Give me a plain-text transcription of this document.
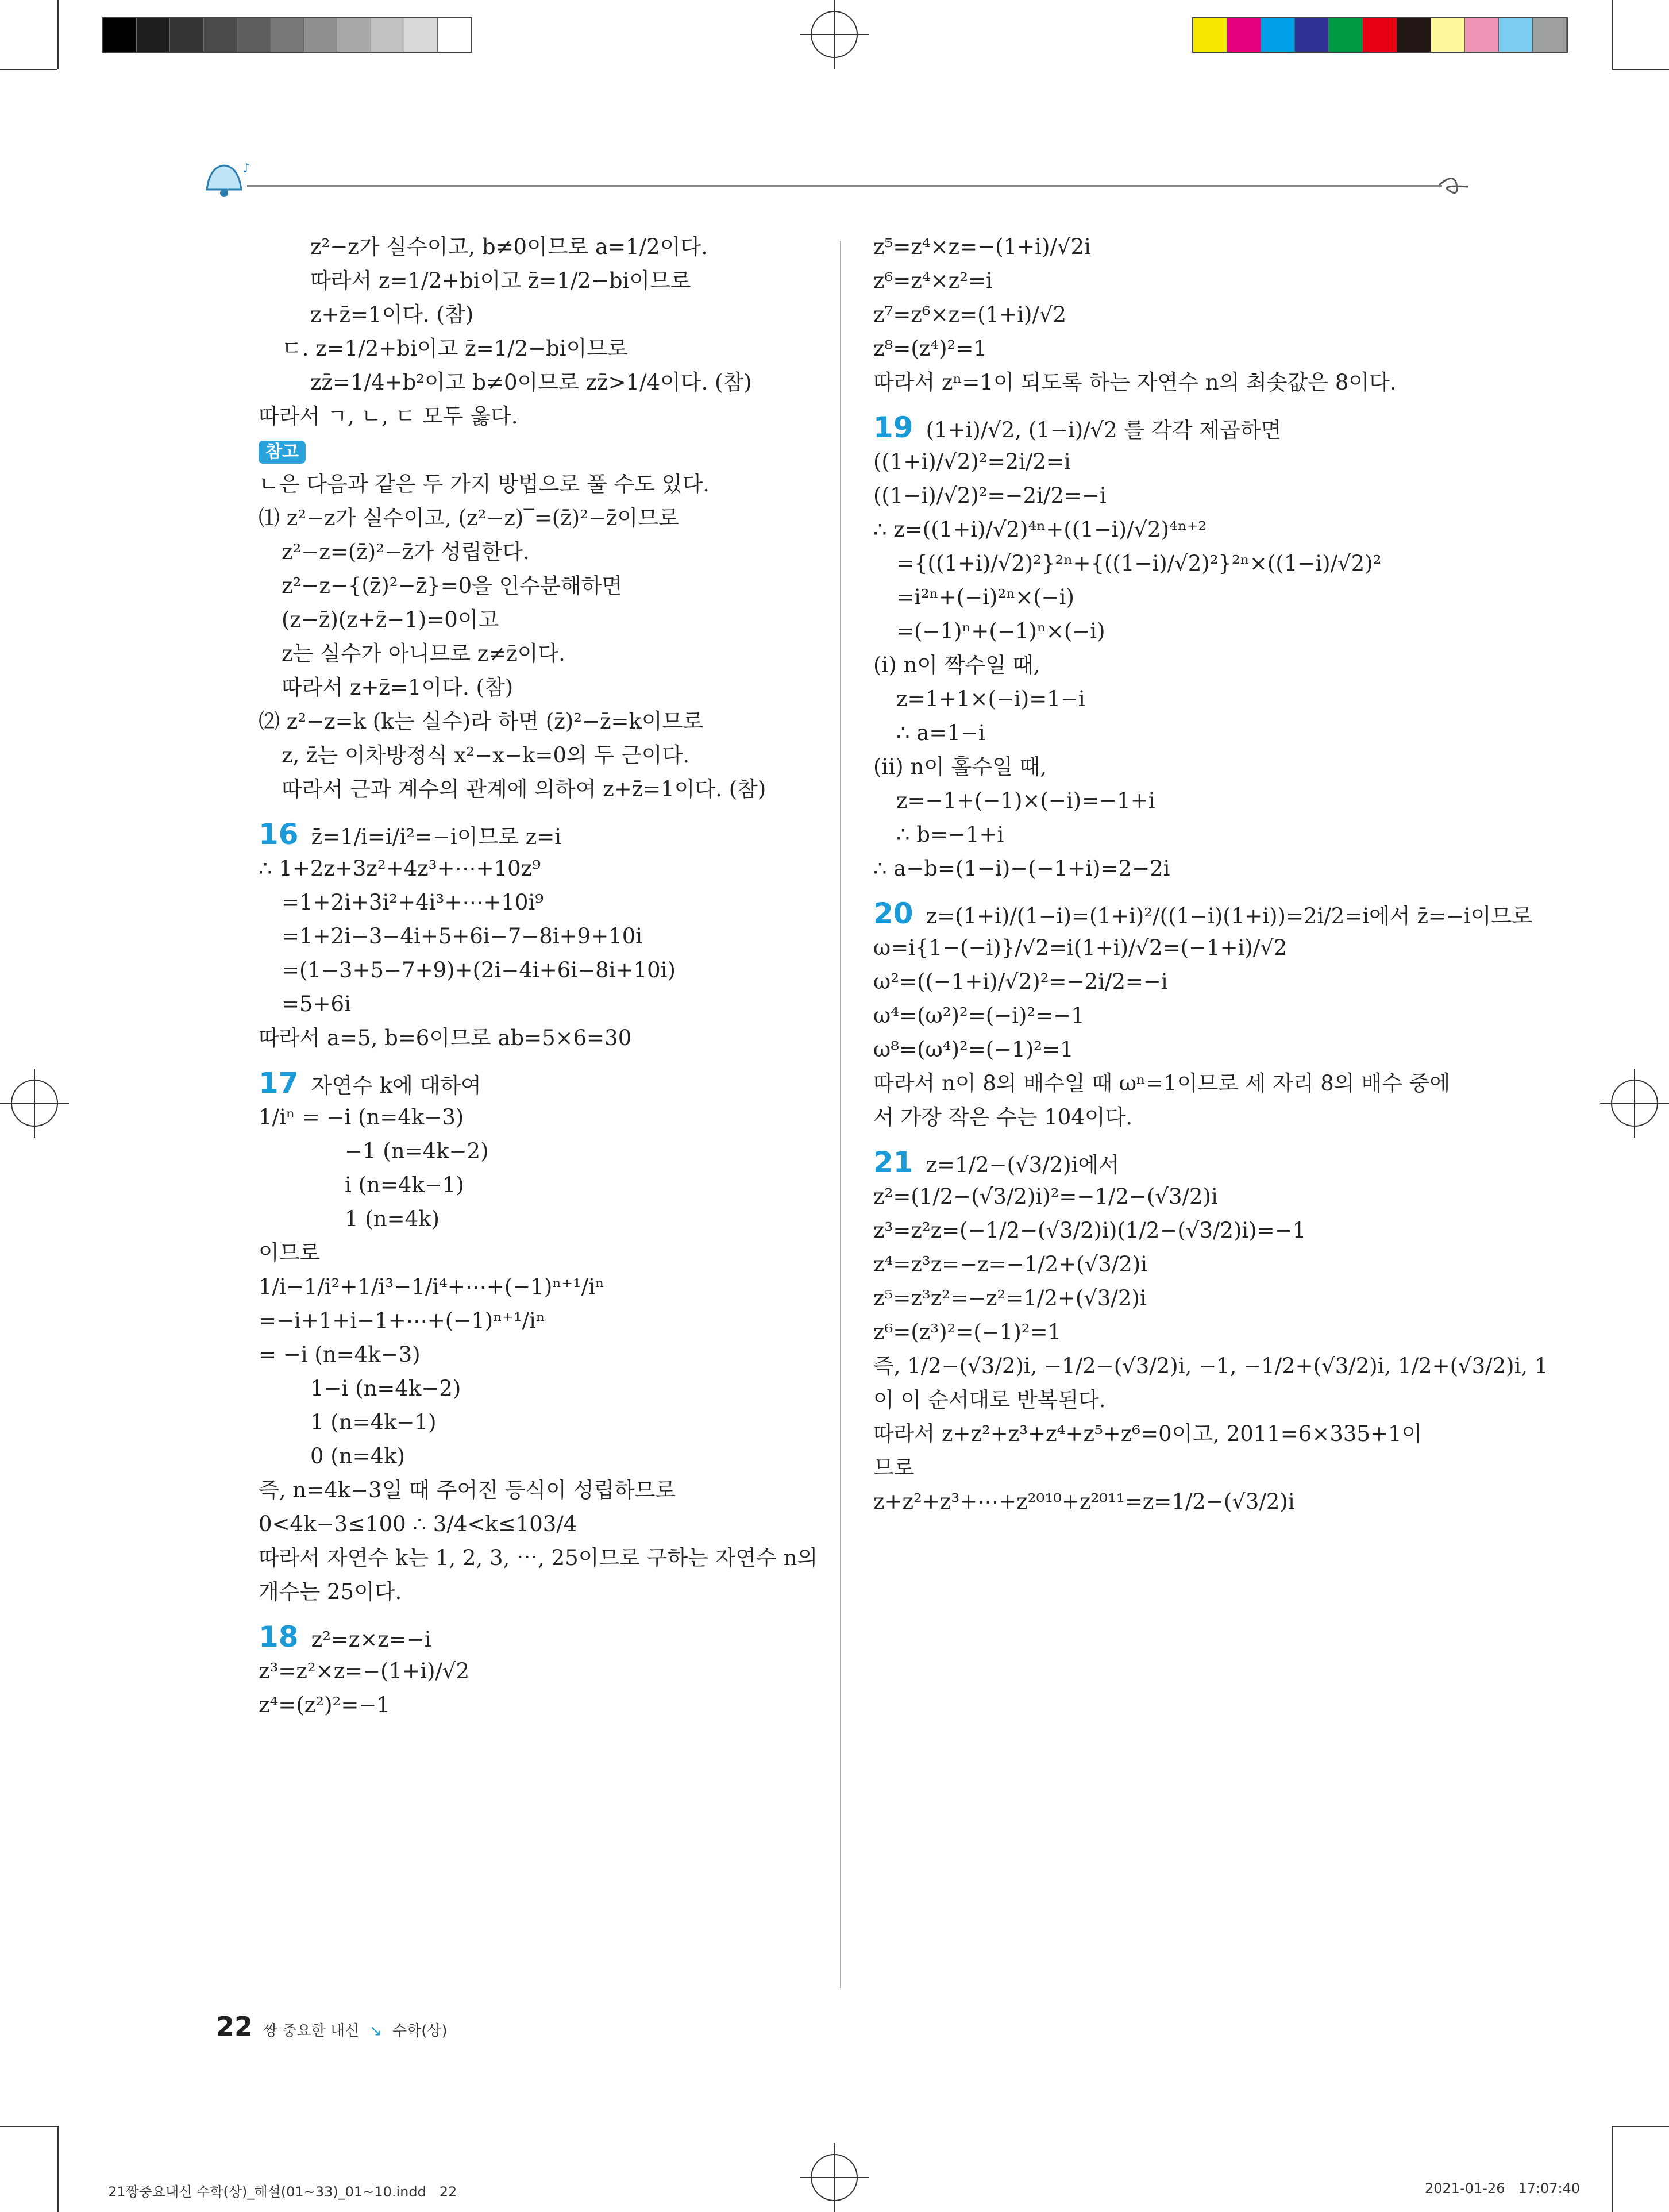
♪
z²−z가 실수이고, b≠0이므로 a=1/2이다.
따라서 z=1/2+bi이고 z̄=1/2−bi이므로
z+z̄=1이다. (참)
ㄷ. z=1/2+bi이고 z̄=1/2−bi이므로
zz̄=1/4+b²이고 b≠0이므로 zz̄>1/4이다. (참)
따라서 ㄱ, ㄴ, ㄷ 모두 옳다.
참고
ㄴ은 다음과 같은 두 가지 방법으로 풀 수도 있다.
⑴ z²−z가 실수이고, (z²−z)‾=(z̄)²−z̄이므로
z²−z=(z̄)²−z̄가 성립한다.
z²−z−{(z̄)²−z̄}=0을 인수분해하면
(z−z̄)(z+z̄−1)=0이고
z는 실수가 아니므로 z≠z̄이다.
따라서 z+z̄=1이다. (참)
⑵ z²−z=k (k는 실수)라 하면 (z̄)²−z̄=k이므로
z, z̄는 이차방정식 x²−x−k=0의 두 근이다.
따라서 근과 계수의 관계에 의하여 z+z̄=1이다. (참)
16 z̄=1/i=i/i²=−i이므로 z=i
∴ 1+2z+3z²+4z³+⋯+10z⁹
=1+2i+3i²+4i³+⋯+10i⁹
=1+2i−3−4i+5+6i−7−8i+9+10i
=(1−3+5−7+9)+(2i−4i+6i−8i+10i)
=5+6i
따라서 a=5, b=6이므로 ab=5×6=30
17 자연수 k에 대하여
1/iⁿ = −i (n=4k−3)
−1 (n=4k−2)
i (n=4k−1)
1 (n=4k)
이므로
1/i−1/i²+1/i³−1/i⁴+⋯+(−1)ⁿ⁺¹/iⁿ
=−i+1+i−1+⋯+(−1)ⁿ⁺¹/iⁿ
= −i (n=4k−3)
1−i (n=4k−2)
1 (n=4k−1)
0 (n=4k)
즉, n=4k−3일 때 주어진 등식이 성립하므로
0<4k−3≤100 ∴ 3/4<k≤103/4
따라서 자연수 k는 1, 2, 3, ⋯, 25이므로 구하는 자연수 n의
개수는 25이다.
18 z²=z×z=−i
z³=z²×z=−(1+i)/√2
z⁴=(z²)²=−1
z⁵=z⁴×z=−(1+i)/√2i
z⁶=z⁴×z²=i
z⁷=z⁶×z=(1+i)/√2
z⁸=(z⁴)²=1
따라서 zⁿ=1이 되도록 하는 자연수 n의 최솟값은 8이다.
19 (1+i)/√2, (1−i)/√2 를 각각 제곱하면
((1+i)/√2)²=2i/2=i
((1−i)/√2)²=−2i/2=−i
∴ z=((1+i)/√2)⁴ⁿ+((1−i)/√2)⁴ⁿ⁺²
={((1+i)/√2)²}²ⁿ+{((1−i)/√2)²}²ⁿ×((1−i)/√2)²
=i²ⁿ+(−i)²ⁿ×(−i)
=(−1)ⁿ+(−1)ⁿ×(−i)
(ⅰ) n이 짝수일 때,
z=1+1×(−i)=1−i
∴ a=1−i
(ⅱ) n이 홀수일 때,
z=−1+(−1)×(−i)=−1+i
∴ b=−1+i
∴ a−b=(1−i)−(−1+i)=2−2i
20 z=(1+i)/(1−i)=(1+i)²/((1−i)(1+i))=2i/2=i에서 z̄=−i이므로
ω=i{1−(−i)}/√2=i(1+i)/√2=(−1+i)/√2
ω²=((−1+i)/√2)²=−2i/2=−i
ω⁴=(ω²)²=(−i)²=−1
ω⁸=(ω⁴)²=(−1)²=1
따라서 n이 8의 배수일 때 ωⁿ=1이므로 세 자리 8의 배수 중에
서 가장 작은 수는 104이다.
21 z=1/2−(√3/2)i에서
z²=(1/2−(√3/2)i)²=−1/2−(√3/2)i
z³=z²z=(−1/2−(√3/2)i)(1/2−(√3/2)i)=−1
z⁴=z³z=−z=−1/2+(√3/2)i
z⁵=z³z²=−z²=1/2+(√3/2)i
z⁶=(z³)²=(−1)²=1
즉, 1/2−(√3/2)i, −1/2−(√3/2)i, −1, −1/2+(√3/2)i, 1/2+(√3/2)i, 1
이 이 순서대로 반복된다.
따라서 z+z²+z³+z⁴+z⁵+z⁶=0이고, 2011=6×335+1이
므로
z+z²+z³+⋯+z²⁰¹⁰+z²⁰¹¹=z=1/2−(√3/2)i
22 짱 중요한 내신 ↘ 수학(상)
21짱중요내신 수학(상)_해설(01~33)_01~10.indd   22	2021-01-26   17:07:40
